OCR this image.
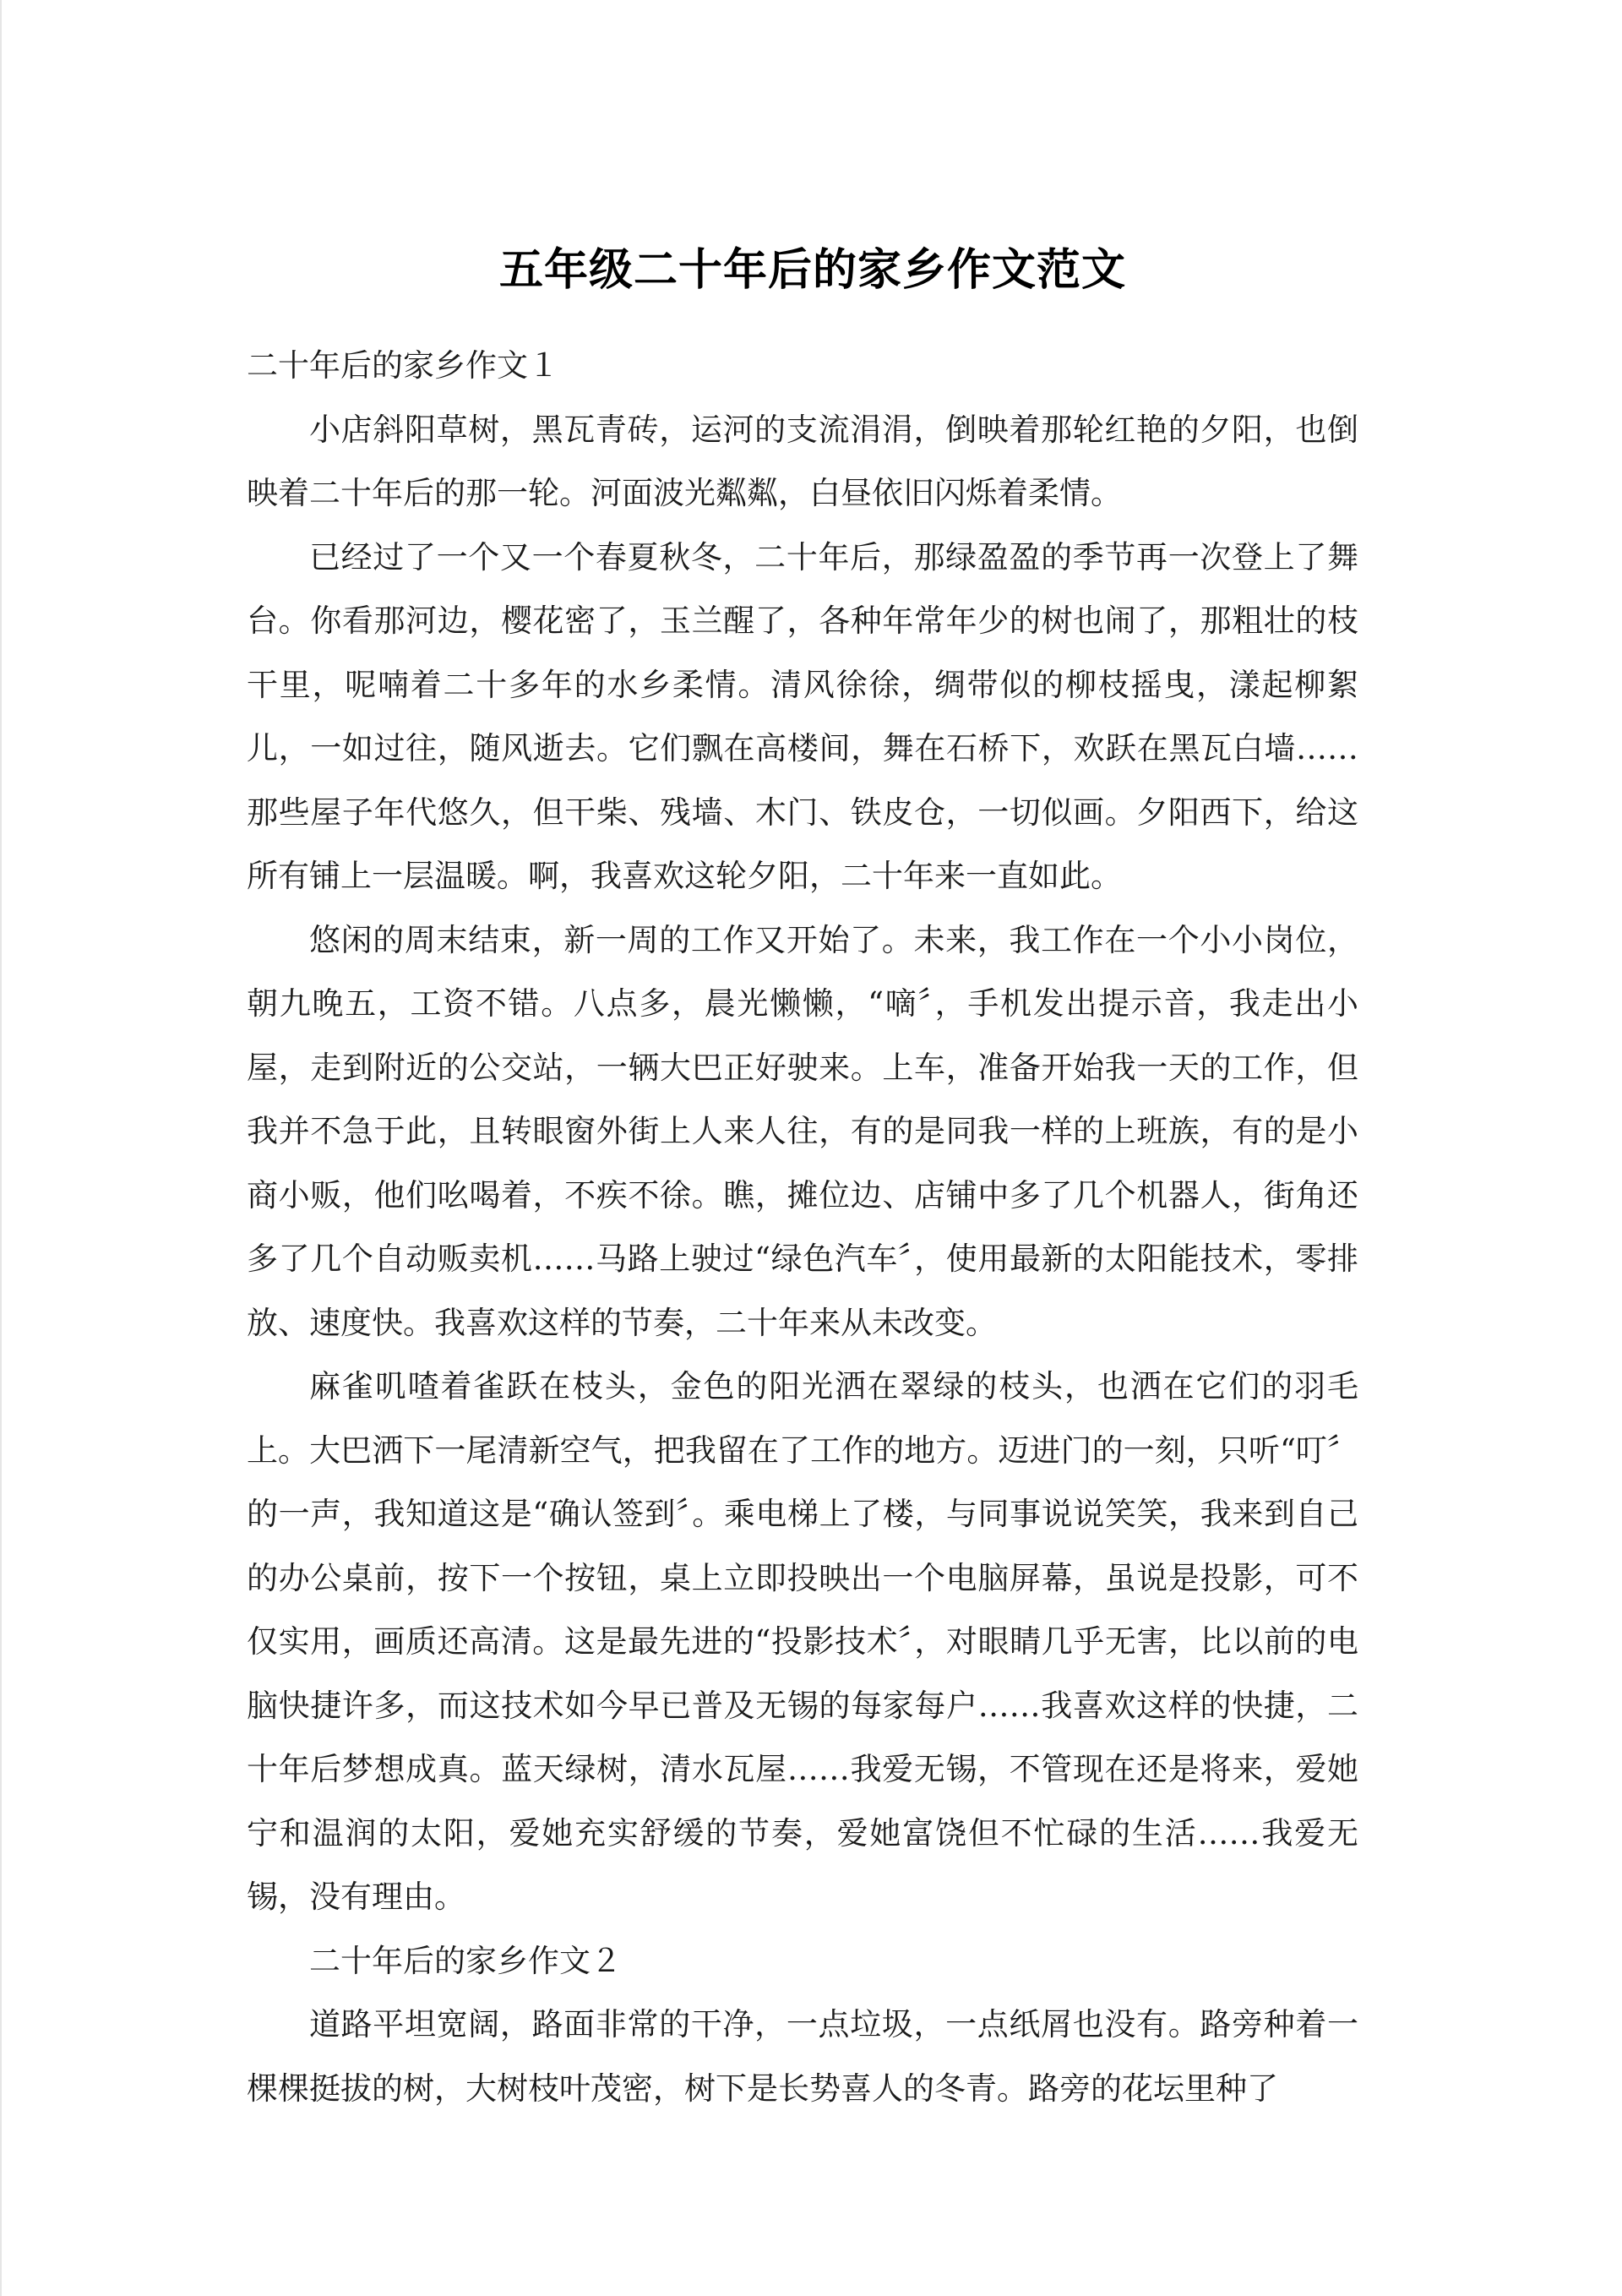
五年级二十年后的家乡作文范文

二十年后的家乡作文１

小店斜阳草树，黑瓦青砖，运河的支流涓涓，倒映着那轮红艳的夕阳，也倒映着二十年后的那一轮。河面波光粼粼，白昼依旧闪烁着柔情。

已经过了一个又一个春夏秋冬，二十年后，那绿盈盈的季节再一次登上了舞台。你看那河边，樱花密了，玉兰醒了，各种年常年少的树也闹了，那粗壮的枝干里，呢喃着二十多年的水乡柔情。清风徐徐，绸带似的柳枝摇曳，漾起柳絮儿，一如过往，随风逝去。它们飘在高楼间，舞在石桥下，欢跃在黑瓦白墙……那些屋子年代悠久，但干柴、残墙、木门、铁皮仓，一切似画。夕阳西下，给这所有铺上一层温暖。啊，我喜欢这轮夕阳，二十年来一直如此。

悠闲的周末结束，新一周的工作又开始了。未来，我工作在一个小小岗位，朝九晚五，工资不错。八点多，晨光懒懒，“嘀〞，手机发出提示音，我走出小屋，走到附近的公交站，一辆大巴正好驶来。上车，准备开始我一天的工作，但我并不急于此，且转眼窗外街上人来人往，有的是同我一样的上班族，有的是小商小贩，他们吆喝着，不疾不徐。瞧，摊位边、店铺中多了几个机器人，街角还多了几个自动贩卖机……马路上驶过“绿色汽车〞，使用最新的太阳能技术，零排放、速度快。我喜欢这样的节奏，二十年来从未改变。

麻雀叽喳着雀跃在枝头，金色的阳光洒在翠绿的枝头，也洒在它们的羽毛上。大巴洒下一尾清新空气，把我留在了工作的地方。迈进门的一刻，只听“叮〞的一声，我知道这是“确认签到〞。乘电梯上了楼，与同事说说笑笑，我来到自己的办公桌前，按下一个按钮，桌上立即投映出一个电脑屏幕，虽说是投影，可不仅实用，画质还高清。这是最先进的“投影技术〞，对眼睛几乎无害，比以前的电脑快捷许多，而这技术如今早已普及无锡的每家每户……我喜欢这样的快捷，二十年后梦想成真。蓝天绿树，清水瓦屋……我爱无锡，不管现在还是将来，爱她宁和温润的太阳，爱她充实舒缓的节奏，爱她富饶但不忙碌的生活……我爱无锡，没有理由。

二十年后的家乡作文２

道路平坦宽阔，路面非常的干净，一点垃圾，一点纸屑也没有。路旁种着一棵棵挺拔的树，大树枝叶茂密，树下是长势喜人的冬青。路旁的花坛里种了
